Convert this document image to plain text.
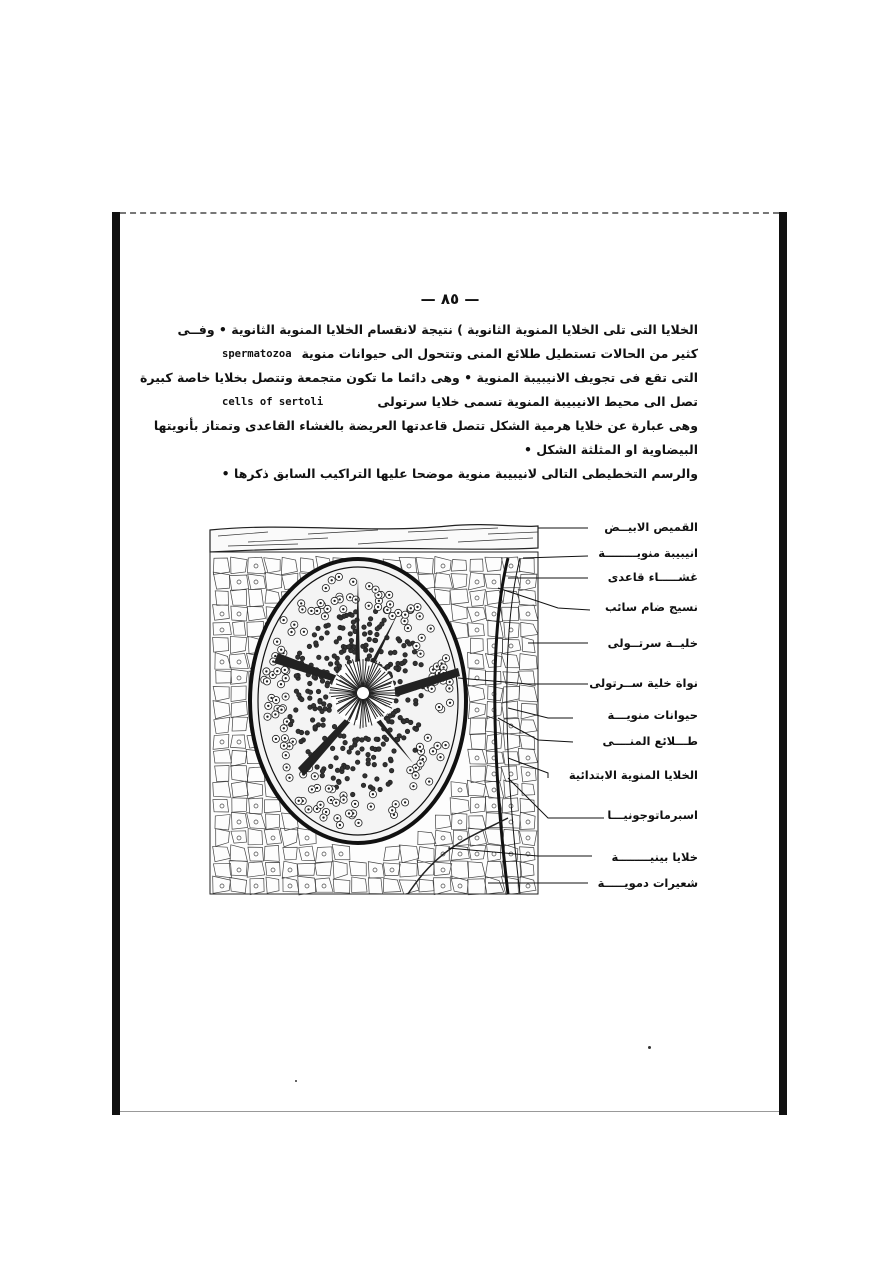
— ٨٥ —
الخلايا التى تلى الخلايا المنوية الثانوية ) نتيجة لانقسام الخلايا المنوية الثانوية • وفــى
كثير من الحالات تستطيل طلائع المنى وتتحول الى حيوانات منوية
spermatozoa
التى تقع فى تجويف الانيبيبة المنوية • وهى دائما ما تكون متجمعة وتتصل بخلايا خاصة كبيرة
تصل الى محيط الانيبيبة المنوية تسمى خلايا سرتولى
cells of sertoli
وهى عبارة عن خلايا هرمية الشكل تتصل قاعدتها العريضة بالغشاء القاعدى وتمتاز بأنويتها
البيضاوية او المثلثة الشكل •
والرسم التخطيطى التالى لانيبيبة منوية موضحا عليها التراكيب السابق ذكرها •
القميص الابيــض
انيبيبة منويــــــــة
غشـــــاء قاعدى
نسيج ضام سائب
خليــة سرتــولى
نواة خلية ســرتولى
حيوانات منويـــة
طـــلائع المنــــى
الخلايا المنوية الابتدائية
اسبرماتوجونيـــا
خلايا بينيــــــــة
شعيرات دمويـــــة
